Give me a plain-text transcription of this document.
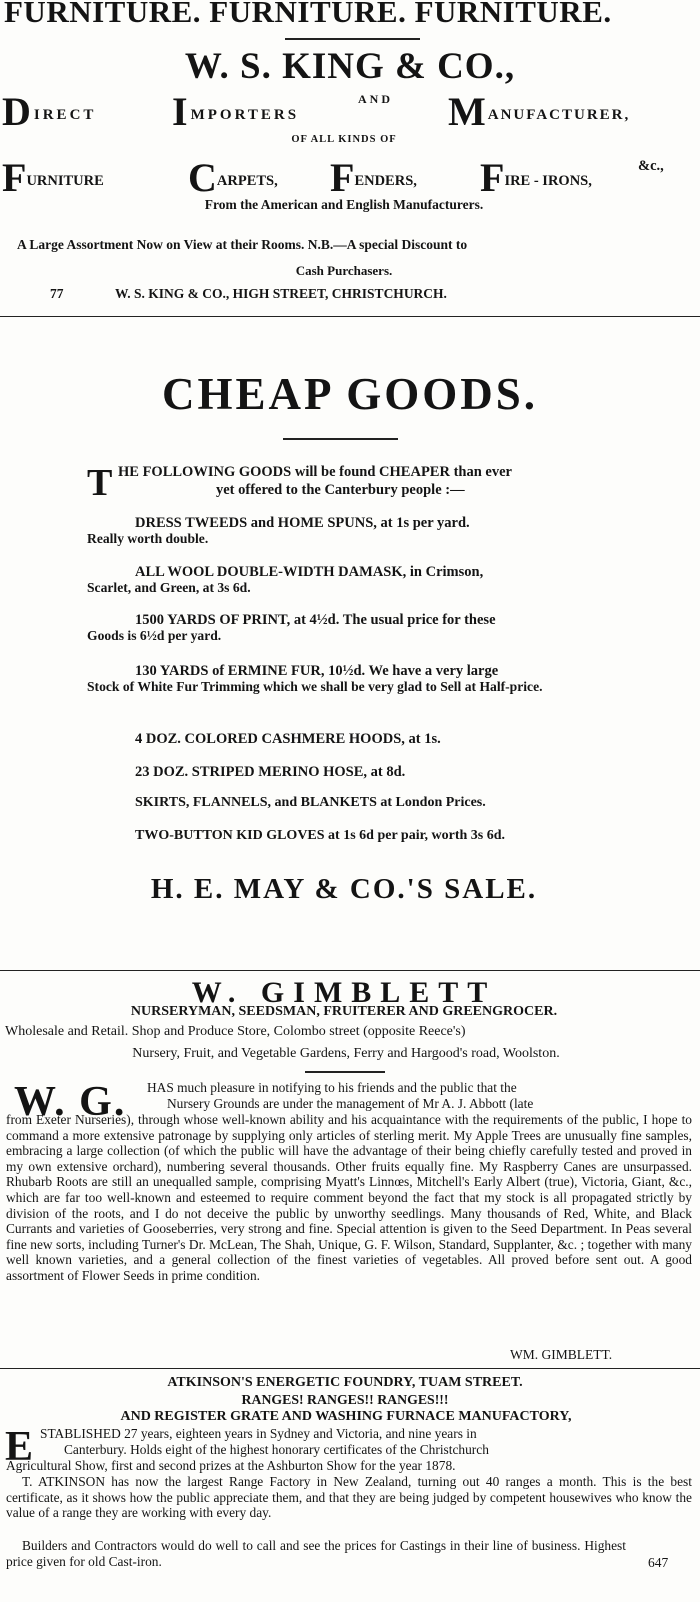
FURNITURE. FURNITURE. FURNITURE.
W. S. KING & CO.,
DIRECT IMPORTERS
AND MANUFACTURER,
OF ALL KINDS OF
FURNITURE CARPETS, FENDERS, FIRE - IRONS,
&c.,
From the American and English Manufacturers.
A Large Assortment Now on View at their Rooms. N.B.—A special Discount to
Cash Purchasers.
77	W. S. KING & CO., HIGH STREET, CHRISTCHURCH.
CHEAP GOODS.
T HE FOLLOWING GOODS will be found CHEAPER than ever
yet offered to the Canterbury people :—
DRESS TWEEDS and HOME SPUNS, at 1s per yard.
Really worth double.
ALL WOOL DOUBLE-WIDTH DAMASK, in Crimson,
Scarlet, and Green, at 3s 6d.
1500 YARDS OF PRINT, at 4½d. The usual price for these
Goods is 6½d per yard.
130 YARDS of ERMINE FUR, 10½d. We have a very large
Stock of White Fur Trimming which we shall be very glad to Sell at Half-price.
4 DOZ. COLORED CASHMERE HOODS, at 1s.
23 DOZ. STRIPED MERINO HOSE, at 8d.
SKIRTS, FLANNELS, and BLANKETS at London Prices.
TWO-BUTTON KID GLOVES at 1s 6d per pair, worth 3s 6d.
H. E. MAY & CO.'S SALE.
W. GIMBLETT
NURSERYMAN, SEEDSMAN, FRUITERER AND GREENGROCER.
Wholesale and Retail. Shop and Produce Store, Colombo street (opposite Reece's)
Nursery, Fruit, and Vegetable Gardens, Ferry and Hargood's road, Woolston.
W. G. HAS much pleasure in notifying to his friends and the public that the
Nursery Grounds are under the management of Mr A. J. Abbott (late
from Exeter Nurseries), through whose well-known ability and his acquaintance with the requirements of the public, I hope to command a more extensive patronage by supplying only articles of sterling merit. My Apple Trees are unusually fine samples, embracing a large collection (of which the public will have the advantage of their being chiefly carefully tested and proved in my own extensive orchard), numbering several thousands. Other fruits equally fine. My Raspberry Canes are unsurpassed. Rhubarb Roots are still an unequalled sample, comprising Myatt's Linnœs, Mitchell's Early Albert (true), Victoria, Giant, &c., which are far too well-known and esteemed to require comment beyond the fact that my stock is all propagated strictly by division of the roots, and I do not deceive the public by unworthy seedlings. Many thousands of Red, White, and Black Currants and varieties of Gooseberries, very strong and fine. Special attention is given to the Seed Department. In Peas several fine new sorts, including Turner's Dr. McLean, The Shah, Unique, G. F. Wilson, Standard, Supplanter, &c. ; together with many well known varieties, and a general collection of the finest varieties of vegetables. All proved before sent out. A good assortment of Flower Seeds in prime condition.
WM. GIMBLETT.
ATKINSON'S ENERGETIC FOUNDRY, TUAM STREET.
RANGES! RANGES!! RANGES!!!
AND REGISTER GRATE AND WASHING FURNACE MANUFACTORY,
E STABLISHED 27 years, eighteen years in Sydney and Victoria, and nine years in
Canterbury. Holds eight of the highest honorary certificates of the Christchurch
Agricultural Show, first and second prizes at the Ashburton Show for the year 1878.
T. ATKINSON has now the largest Range Factory in New Zealand, turning out 40 ranges a month. This is the best certificate, as it shows how the public appreciate them, and that they are being judged by competent housewives who know the value of a range they are working with every day.
Builders and Contractors would do well to call and see the prices for Castings in their line of business. Highest price given for old Cast-iron.	647
